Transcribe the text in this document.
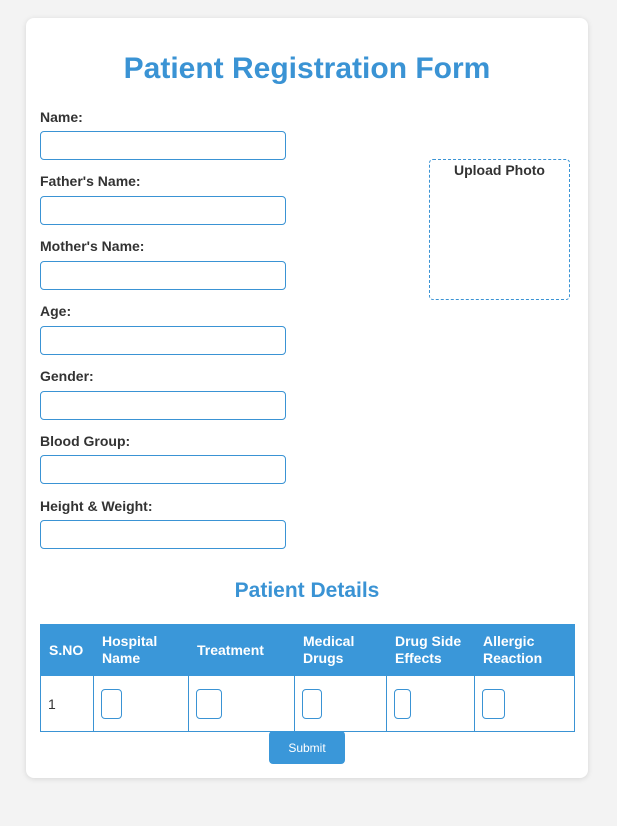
Patient Registration Form
Name:
Father's Name:
Mother's Name:
Age:
Gender:
Blood Group:
Height & Weight:
Upload Photo
Patient Details
S.NO	Hospital Name	Treatment	Medical Drugs	Drug Side Effects	Allergic Reaction
1	

Submit
